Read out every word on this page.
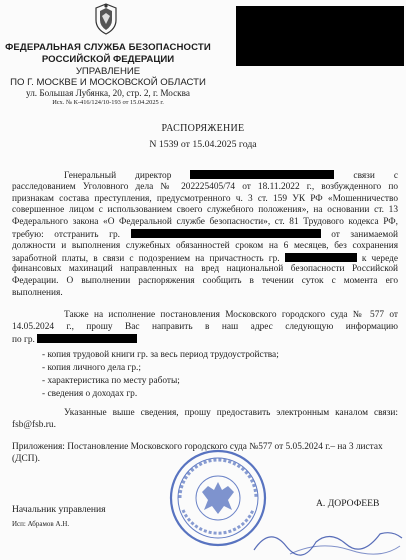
ФЕДЕРАЛЬНАЯ СЛУЖБА БЕЗОПАСНОСТИ
РОССИЙСКОЙ ФЕДЕРАЦИИ
УПРАВЛЕНИЕ
ПО Г. МОСКВЕ И МОСКОВСКОЙ ОБЛАСТИ
ул. Большая Лубянка, 20, стр. 2, г. Москва
Исх. № К-416/124/10-193 от 15.04.2025 г.
РАСПОРЯЖЕНИЕ
N 1539 от 15.04.2025 года
Генеральный директор	связи с
расследованием Уголовного дела № 202225405/74 от 18.11.2022 г., возбужденного по
признакам состава преступления, предусмотренного ч. 3 ст. 159 УК РФ «Мошенничество
совершенное лицом с использованием своего служебного положения», на основании ст. 13
Федерального закона «О Федеральной службе безопасности», ст. 81 Трудового кодекса РФ,
требую: отстранить гр.	от занимаемой
должности и выполнения служебных обязанностей сроком на 6 месяцев, без сохранения
заработной платы, в связи с подозрением на причастность гр.	к череде
финансовых махинаций направленных на вред национальной безопасности Российской
Федерации. О выполнении распоряжения сообщить в течении суток с момента его
выполнения.
Также на исполнение постановления Московского городского суда № 577 от
14.05.2024 г., прошу Вас направить в наш адрес следующую информацию
по гр.
- копия трудовой книги гр. за весь период трудоустройства;
- копия личного дела гр.;
- характеристика по месту работы;
- сведения о доходах гр.
Указанные выше сведения, прошу предоставить электронным каналом связи:
fsb@fsb.ru.
Приложения: Постановление Московского городского суда №577 от 5.05.2024 г.– на 3 листах
(ДСП).
Начальник управления
А. ДОРОФЕЕВ
Исп: Абрамов А.Н.
